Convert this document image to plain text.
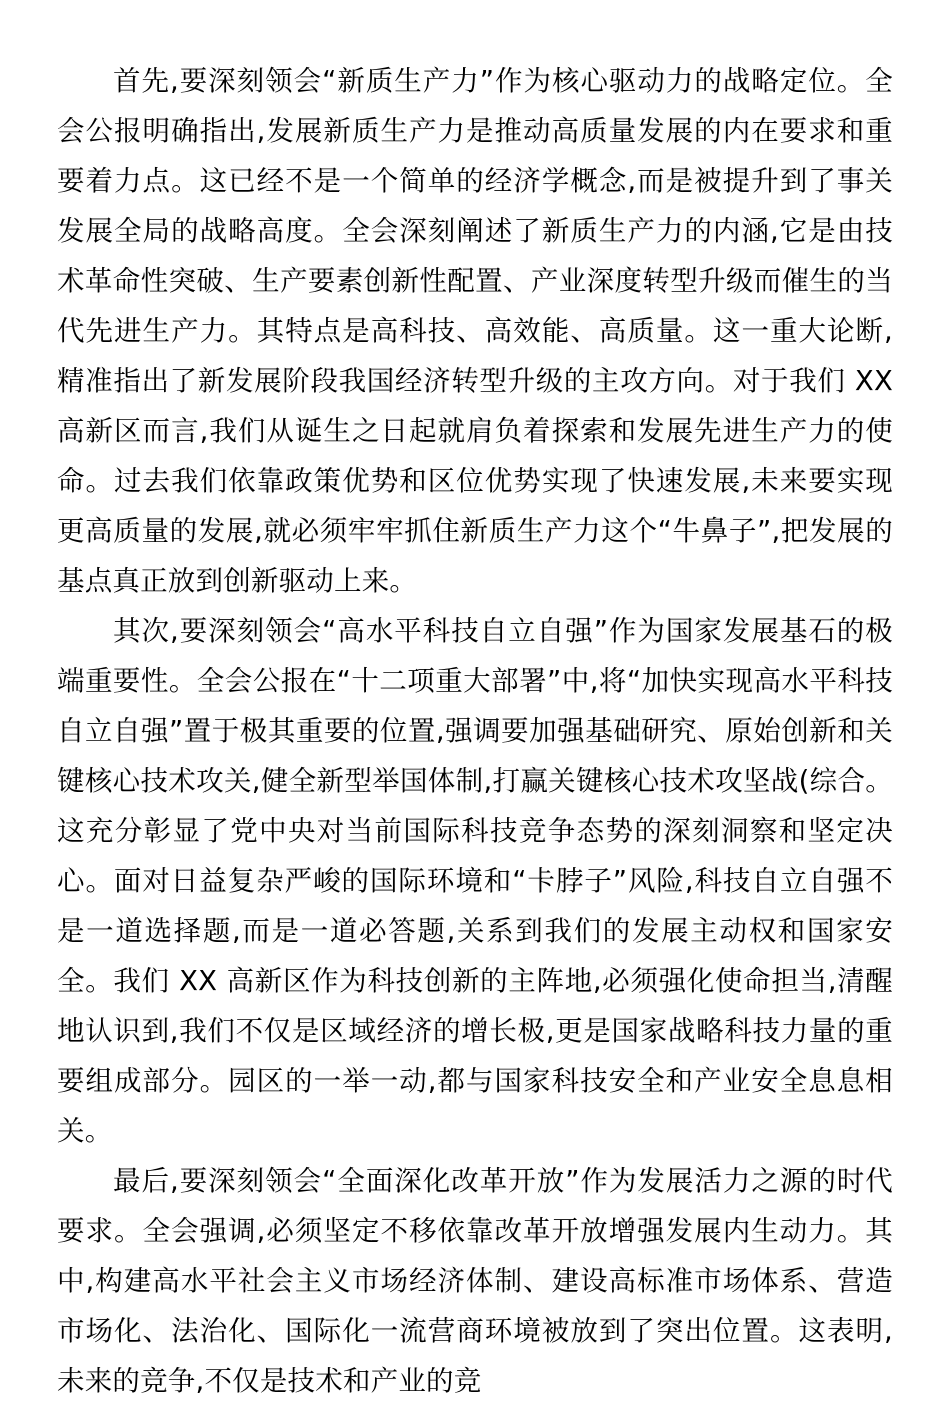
首先,要深刻领会“新质生产力”作为核心驱动力的战略定位。全会公报明确指出,发展新质生产力是推动高质量发展的内在要求和重要着力点。这已经不是一个简单的经济学概念,而是被提升到了事关发展全局的战略高度。全会深刻阐述了新质生产力的内涵,它是由技术革命性突破、生产要素创新性配置、产业深度转型升级而催生的当代先进生产力。其特点是高科技、高效能、高质量。这一重大论断,精准指出了新发展阶段我国经济转型升级的主攻方向。对于我们 XX 高新区而言,我们从诞生之日起就肩负着探索和发展先进生产力的使命。过去我们依靠政策优势和区位优势实现了快速发展,未来要实现更高质量的发展,就必须牢牢抓住新质生产力这个“牛鼻子”,把发展的基点真正放到创新驱动上来。

其次,要深刻领会“高水平科技自立自强”作为国家发展基石的极端重要性。全会公报在“十二项重大部署”中,将“加快实现高水平科技自立自强”置于极其重要的位置,强调要加强基础研究、原始创新和关键核心技术攻关,健全新型举国体制,打赢关键核心技术攻坚战(综合。这充分彰显了党中央对当前国际科技竞争态势的深刻洞察和坚定决心。面对日益复杂严峻的国际环境和“卡脖子”风险,科技自立自强不是一道选择题,而是一道必答题,关系到我们的发展主动权和国家安全。我们 XX 高新区作为科技创新的主阵地,必须强化使命担当,清醒地认识到,我们不仅是区域经济的增长极,更是国家战略科技力量的重要组成部分。园区的一举一动,都与国家科技安全和产业安全息息相关。

最后,要深刻领会“全面深化改革开放”作为发展活力之源的时代要求。全会强调,必须坚定不移依靠改革开放增强发展内生动力。其中,构建高水平社会主义市场经济体制、建设高标准市场体系、营造市场化、法治化、国际化一流营商环境被放到了突出位置。这表明,未来的竞争,不仅是技术和产业的竞
